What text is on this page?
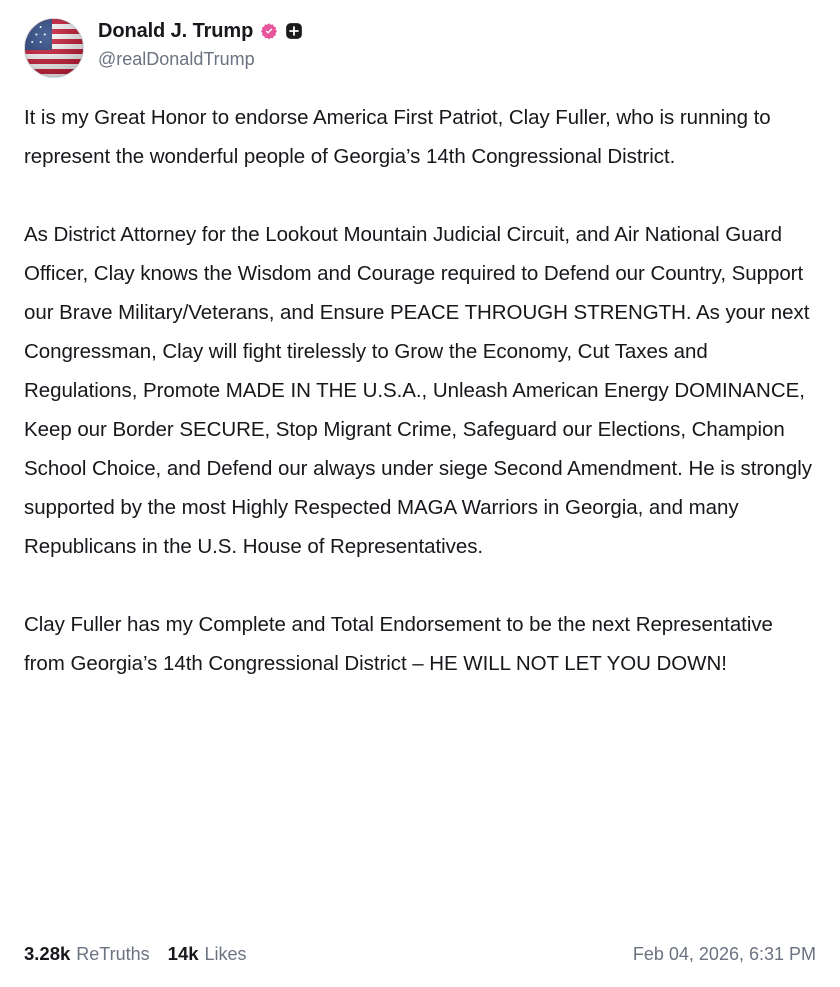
Donald J. Trump
@realDonaldTrump

It is my Great Honor to endorse America First Patriot, Clay Fuller, who is running to represent the wonderful people of Georgia’s 14th Congressional District.

As District Attorney for the Lookout Mountain Judicial Circuit, and Air National Guard Officer, Clay knows the Wisdom and Courage required to Defend our Country, Support our Brave Military/Veterans, and Ensure PEACE THROUGH STRENGTH. As your next Congressman, Clay will fight tirelessly to Grow the Economy, Cut Taxes and Regulations, Promote MADE IN THE U.S.A., Unleash American Energy DOMINANCE, Keep our Border SECURE, Stop Migrant Crime, Safeguard our Elections, Champion School Choice, and Defend our always under siege Second Amendment. He is strongly supported by the most Highly Respected MAGA Warriors in Georgia, and many Republicans in the U.S. House of Representatives.

Clay Fuller has my Complete and Total Endorsement to be the next Representative from Georgia’s 14th Congressional District – HE WILL NOT LET YOU DOWN!

3.28k ReTruths 14k Likes	Feb 04, 2026, 6:31 PM
